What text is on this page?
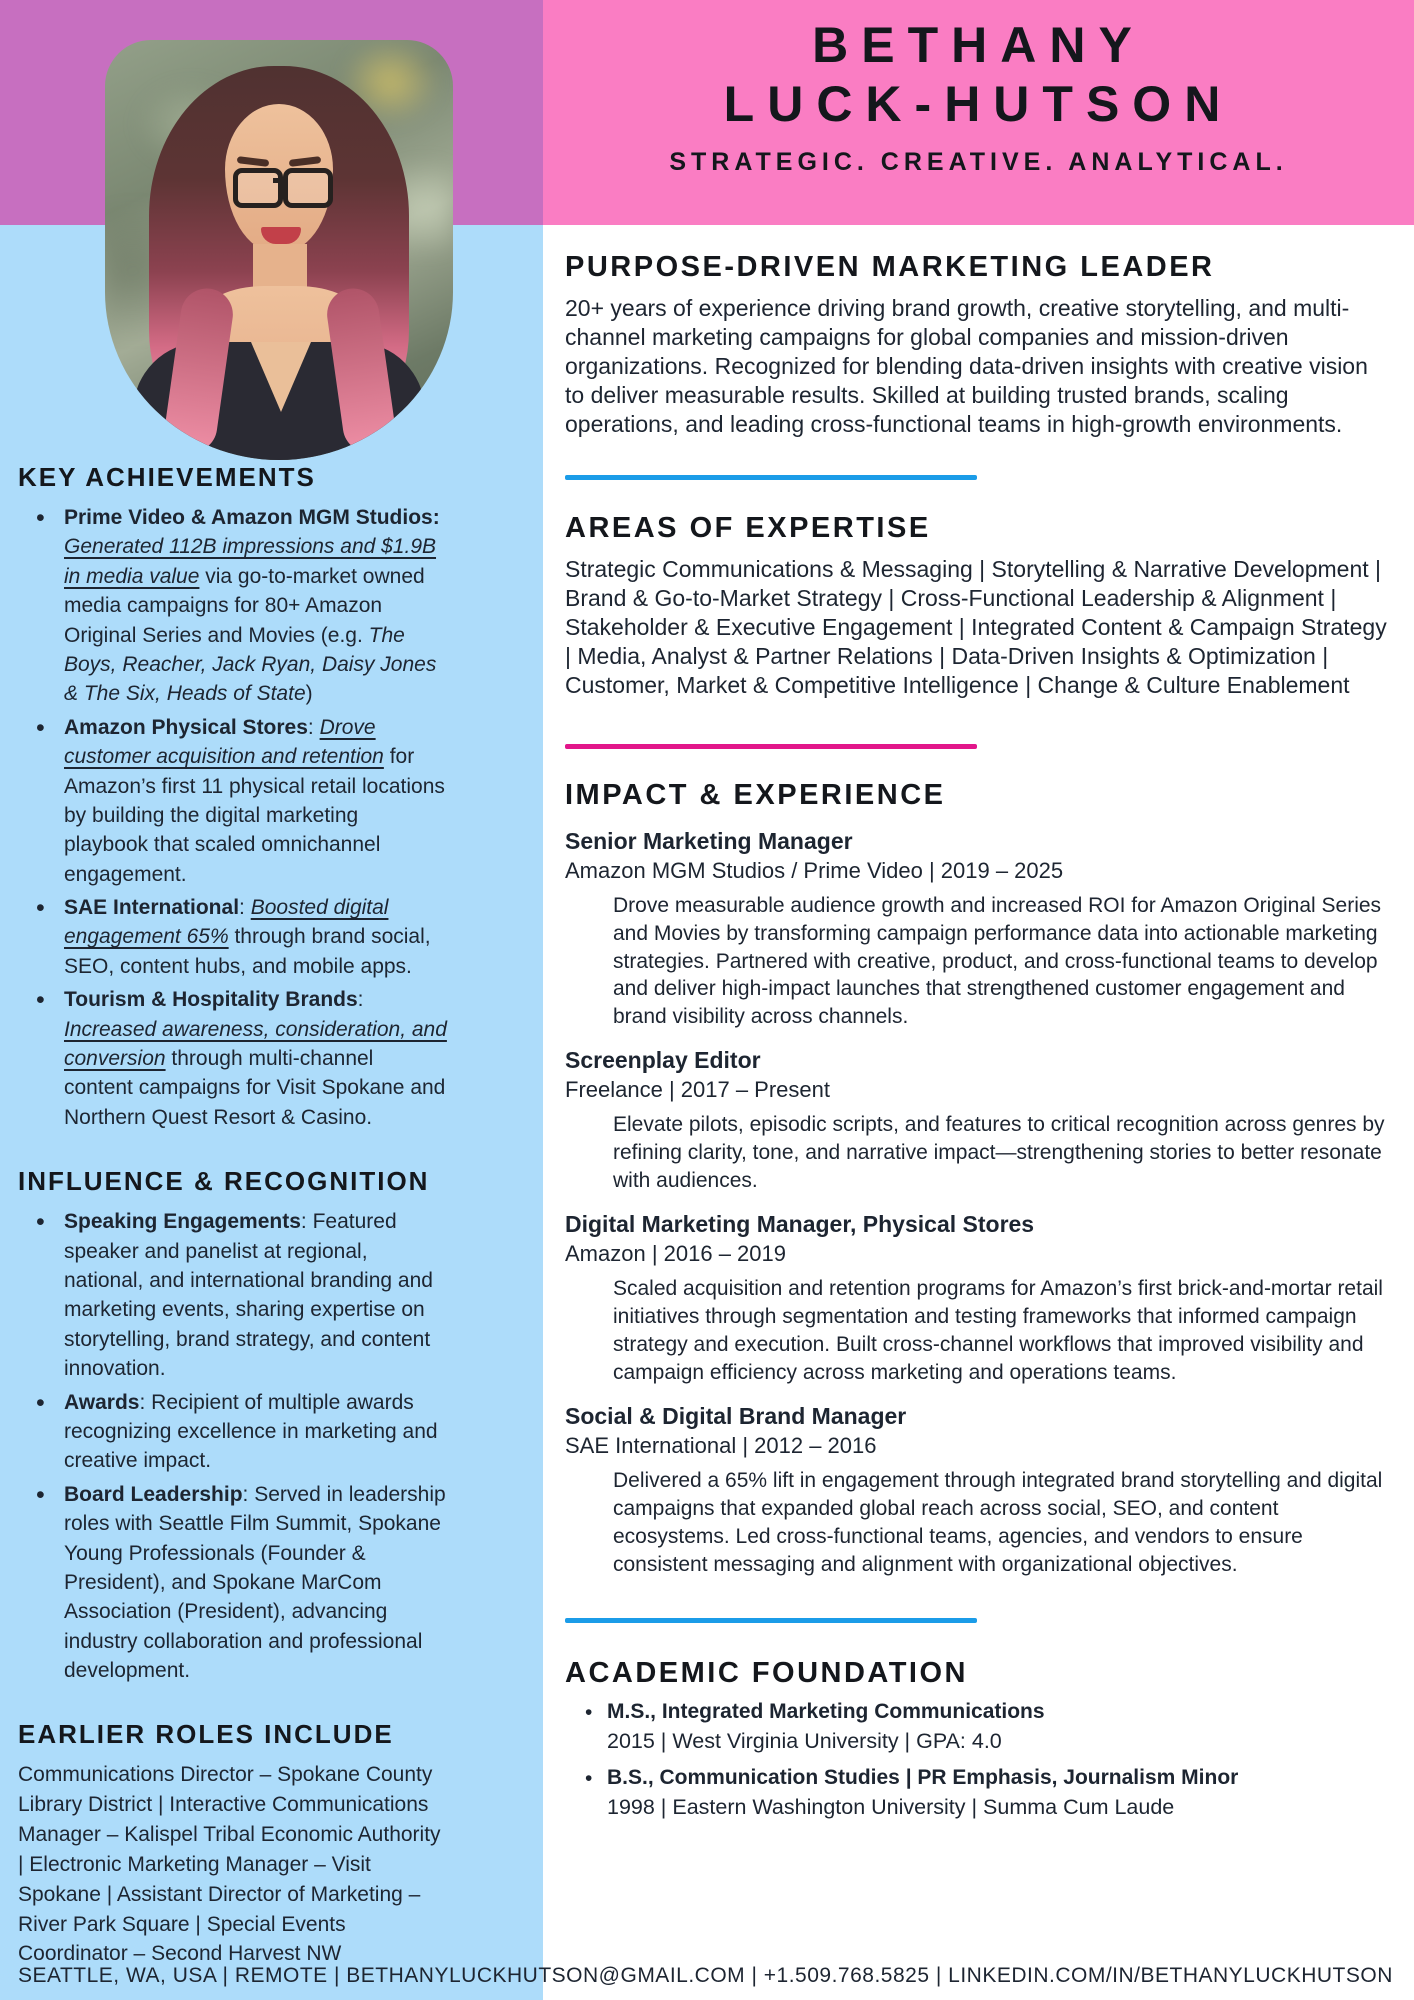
KEY ACHIEVEMENTS
• Prime Video & Amazon MGM Studios: Generated 112B impressions and $1.9B in media value via go-to-market owned media campaigns for 80+ Amazon Original Series and Movies (e.g. The Boys, Reacher, Jack Ryan, Daisy Jones & The Six, Heads of State)
• Amazon Physical Stores: Drove customer acquisition and retention for Amazon’s first 11 physical retail locations by building the digital marketing playbook that scaled omnichannel engagement.
• SAE International: Boosted digital engagement 65% through brand social, SEO, content hubs, and mobile apps.
• Tourism & Hospitality Brands: Increased awareness, consideration, and conversion through multi-channel content campaigns for Visit Spokane and Northern Quest Resort & Casino.
INFLUENCE & RECOGNITION
• Speaking Engagements: Featured speaker and panelist at regional, national, and international branding and marketing events, sharing expertise on storytelling, brand strategy, and content innovation.
• Awards: Recipient of multiple awards recognizing excellence in marketing and creative impact.
• Board Leadership: Served in leadership roles with Seattle Film Summit, Spokane Young Professionals (Founder & President), and Spokane MarCom Association (President), advancing industry collaboration and professional development.
EARLIER ROLES INCLUDE

Communications Director – Spokane County Library District | Interactive Communications Manager – Kalispel Tribal Economic Authority | Electronic Marketing Manager – Visit Spokane | Assistant Director of Marketing – River Park Square | Special Events Coordinator – Second Harvest NW

BETHANY
LUCK-HUTSON
STRATEGIC. CREATIVE. ANALYTICAL.
PURPOSE-DRIVEN MARKETING LEADER

20+ years of experience driving brand growth, creative storytelling, and multi-channel marketing campaigns for global companies and mission-driven organizations. Recognized for blending data-driven insights with creative vision to deliver measurable results. Skilled at building trusted brands, scaling operations, and leading cross-functional teams in high-growth environments.

AREAS OF EXPERTISE

Strategic Communications & Messaging | Storytelling & Narrative Development | Brand & Go-to-Market Strategy | Cross-Functional Leadership & Alignment | Stakeholder & Executive Engagement | Integrated Content & Campaign Strategy | Media, Analyst & Partner Relations | Data-Driven Insights & Optimization | Customer, Market & Competitive Intelligence | Change & Culture Enablement

IMPACT & EXPERIENCE
Senior Marketing Manager
Amazon MGM Studios / Prime Video | 2019 – 2025

Drove measurable audience growth and increased ROI for Amazon Original Series and Movies by transforming campaign performance data into actionable marketing strategies. Partnered with creative, product, and cross-functional teams to develop and deliver high-impact launches that strengthened customer engagement and brand visibility across channels.

Screenplay Editor
Freelance | 2017 – Present

Elevate pilots, episodic scripts, and features to critical recognition across genres by refining clarity, tone, and narrative impact—strengthening stories to better resonate with audiences.

Digital Marketing Manager, Physical Stores
Amazon | 2016 – 2019

Scaled acquisition and retention programs for Amazon’s first brick-and-mortar retail initiatives through segmentation and testing frameworks that informed campaign strategy and execution. Built cross-channel workflows that improved visibility and campaign efficiency across marketing and operations teams.

Social & Digital Brand Manager
SAE International | 2012 – 2016

Delivered a 65% lift in engagement through integrated brand storytelling and digital campaigns that expanded global reach across social, SEO, and content ecosystems. Led cross-functional teams, agencies, and vendors to ensure consistent messaging and alignment with organizational objectives.

ACADEMIC FOUNDATION
• M.S., Integrated Marketing Communications
2015 | West Virginia University | GPA: 4.0
• B.S., Communication Studies | PR Emphasis, Journalism Minor
1998 | Eastern Washington University | Summa Cum Laude
SEATTLE, WA, USA | REMOTE | BETHANYLUCKHUTSON@GMAIL.COM | +1.509.768.5825 | LINKEDIN.COM/IN/BETHANYLUCKHUTSON
